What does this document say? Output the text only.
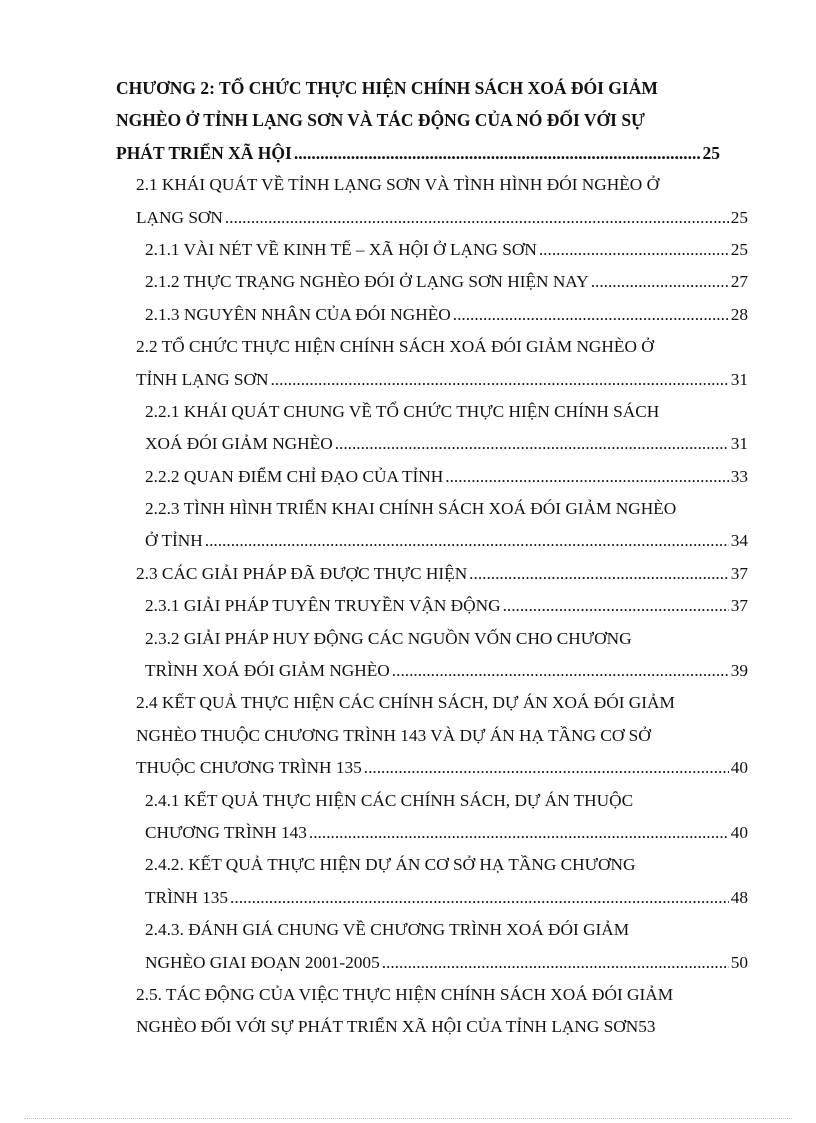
CHƯƠNG 2: TỔ CHỨC THỰC HIỆN CHÍNH SÁCH XOÁ ĐÓI GIẢM
NGHÈO Ở TỈNH LẠNG SƠN VÀ TÁC ĐỘNG CỦA NÓ ĐỐI VỚI SỰ
PHÁT TRIỂN XÃ HỘI .....	25
2.1 KHÁI QUÁT VỀ TỈNH LẠNG SƠN VÀ TÌNH HÌNH ĐÓI NGHÈO Ở
LẠNG SƠN .....	25
2.1.1 VÀI NÉT VỀ KINH TẾ – XÃ HỘI Ở LẠNG SƠN .....	25
2.1.2 THỰC TRẠNG NGHÈO ĐÓI Ở LẠNG SƠN HIỆN NAY .....	27
2.1.3 NGUYÊN NHÂN CỦA ĐÓI NGHÈO .....	28
2.2 TỔ CHỨC THỰC HIỆN CHÍNH SÁCH XOÁ ĐÓI GIẢM NGHÈO Ở
TỈNH LẠNG SƠN .....	31
2.2.1 KHÁI QUÁT CHUNG VỀ TỔ CHỨC THỰC HIỆN CHÍNH SÁCH
XOÁ ĐÓI GIẢM NGHÈO .....	31
2.2.2 QUAN ĐIỂM CHỈ ĐẠO CỦA TỈNH .....	33
2.2.3 TÌNH HÌNH TRIỂN KHAI CHÍNH SÁCH XOÁ ĐÓI GIẢM NGHÈO
Ở TỈNH .....	34
2.3 CÁC GIẢI PHÁP ĐÃ ĐƯỢC THỰC HIỆN .....	37
2.3.1 GIẢI PHÁP TUYÊN TRUYỀN VẬN ĐỘNG .....	37
2.3.2 GIẢI PHÁP HUY ĐỘNG CÁC NGUỒN VỐN CHO CHƯƠNG
TRÌNH XOÁ ĐÓI GIẢM NGHÈO .....	39
2.4 KẾT QUẢ THỰC HIỆN CÁC CHÍNH SÁCH, DỰ ÁN XOÁ ĐÓI GIẢM
NGHÈO THUỘC CHƯƠNG TRÌNH 143 VÀ DỰ ÁN HẠ TẦNG CƠ SỞ
THUỘC CHƯƠNG TRÌNH 135 .....	40
2.4.1 KẾT QUẢ THỰC HIỆN CÁC CHÍNH SÁCH, DỰ ÁN THUỘC
CHƯƠNG TRÌNH 143 .....	40
2.4.2. KẾT QUẢ THỰC HIỆN DỰ ÁN CƠ SỞ HẠ TẦNG CHƯƠNG
TRÌNH 135 .....	48
2.4.3. ĐÁNH GIÁ CHUNG VỀ CHƯƠNG TRÌNH XOÁ ĐÓI GIẢM
NGHÈO GIAI ĐOẠN 2001-2005 .....	50
2.5. TÁC ĐỘNG CỦA VIỆC THỰC HIỆN CHÍNH SÁCH XOÁ ĐÓI GIẢM
NGHÈO ĐỐI VỚI SỰ PHÁT TRIỂN XÃ HỘI CỦA TỈNH LẠNG SƠN 53
